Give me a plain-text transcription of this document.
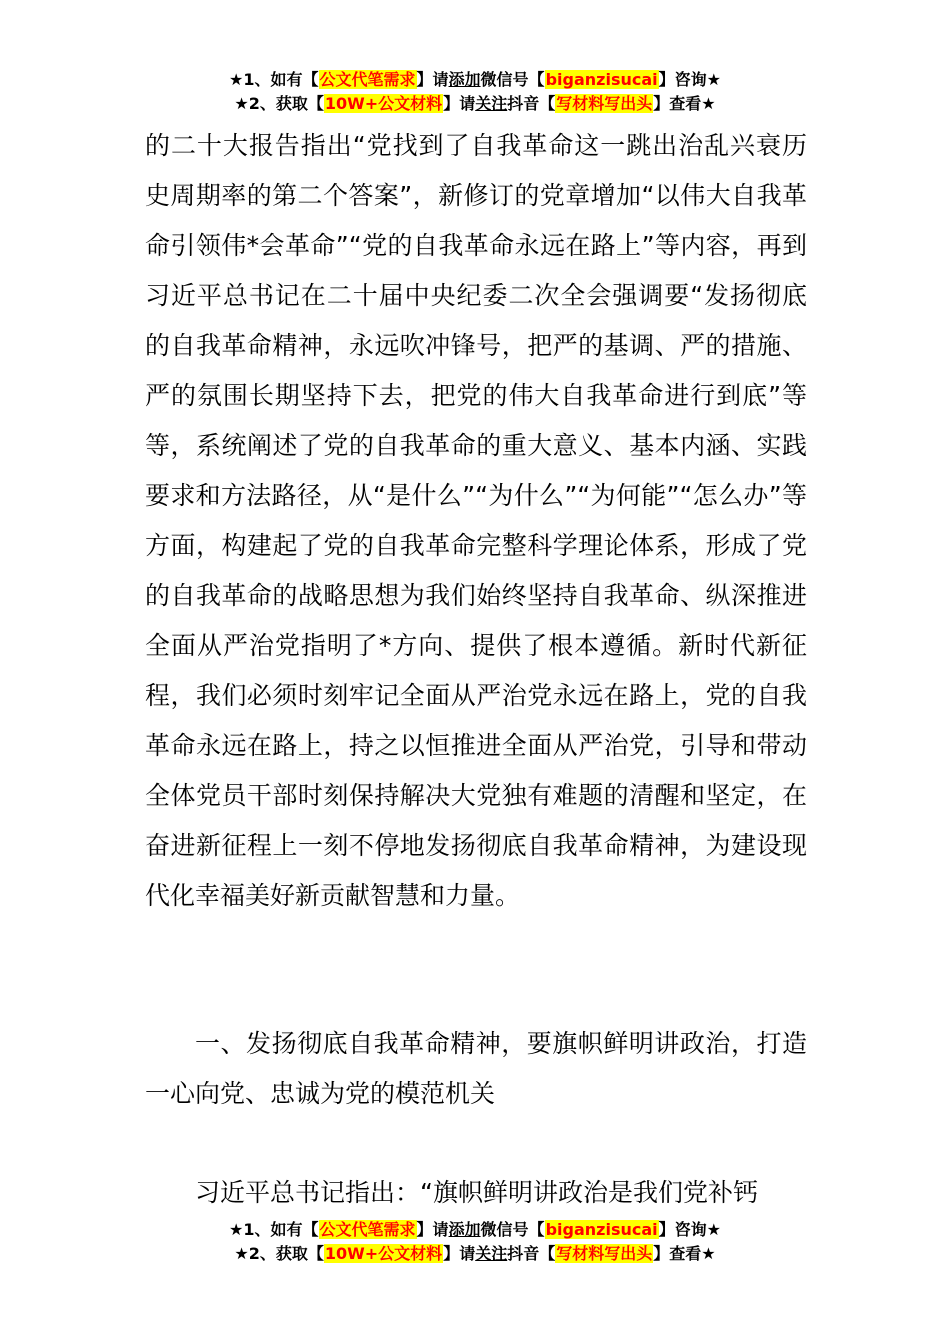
★1、如有【公文代笔需求】请添加微信号【biganzisucai】咨询★
★2、获取【10W+公文材料】请关注抖音【写材料写出头】查看★

的二十大报告指出“党找到了自我革命这一跳出治乱兴衰历史周期率的第二个答案”，新修订的党章增加“以伟大自我革命引领伟*会革命”“党的自我革命永远在路上”等内容，再到习近平总书记在二十届中央纪委二次全会强调要“发扬彻底的自我革命精神，永远吹冲锋号，把严的基调、严的措施、严的氛围长期坚持下去，把党的伟大自我革命进行到底”等等，系统阐述了党的自我革命的重大意义、基本内涵、实践要求和方法路径，从“是什么”“为什么”“为何能”“怎么办”等方面，构建起了党的自我革命完整科学理论体系，形成了党的自我革命的战略思想为我们始终坚持自我革命、纵深推进全面从严治党指明了*方向、提供了根本遵循。新时代新征程，我们必须时刻牢记全面从严治党永远在路上，党的自我革命永远在路上，持之以恒推进全面从严治党，引导和带动全体党员干部时刻保持解决大党独有难题的清醒和坚定，在奋进新征程上一刻不停地发扬彻底自我革命精神，为建设现代化幸福美好新贡献智慧和力量。

一、发扬彻底自我革命精神，要旗帜鲜明讲政治，打造一心向党、忠诚为党的模范机关

习近平总书记指出：“旗帜鲜明讲政治是我们党补钙

★1、如有【公文代笔需求】请添加微信号【biganzisucai】咨询★
★2、获取【10W+公文材料】请关注抖音【写材料写出头】查看★
